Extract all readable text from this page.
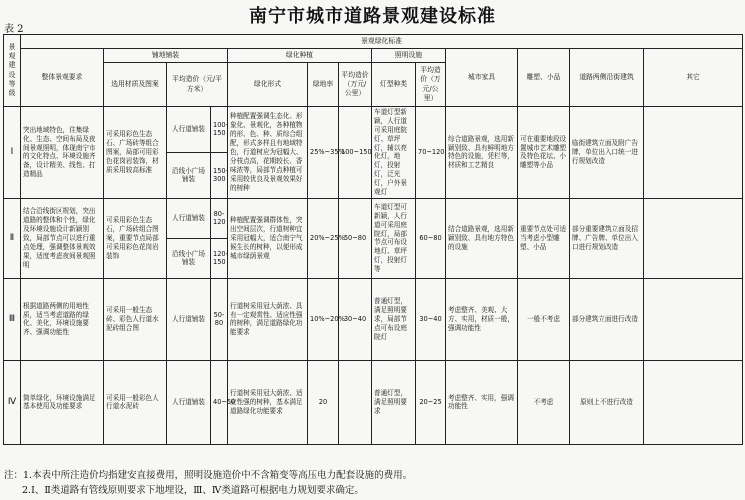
南宁市城市道路景观建设标准
表 2
景观建设等级	景观绿化标准												
	整体景观要求	铺地铺装			绿化种植			照明设施		城市家具	雕塑、小品	道路两侧沿街建筑	其它
		选用材质及图案	平均造价（元/平方米）		绿化形式	绿地率	平均造价（万元/公里）	灯型种类	平均造价（万元/公里）				
Ⅰ	突出地域特色，住集绿化、生态、空间布局及夜间景观照明，体现南宁市的文化特点、环境设施齐备，设计精美、线性、打造精品	可采用彩色生态石、广场砖等组合图案，局部可用彩色花岗岩装饰，材质采用较高标准	人行道铺装	100-150	种植配置强调生态化、形象化、景观化，各种植物的形、色、种、质综合组配，形式多样且有地域特色，行道树应为冠幅大、分枝点高，花期较长、香味浓等，局部节点种植可采用较优良及景观效果好的树种	25%~35%	100~150	车道灯型新颖，人行道可采用庭院灯、草坪灯，辅以亮化灯，地灯，投射灯，泛光灯，户外景观灯	70~120	综合道路景观，选用新颖别致、具有鲜明地方特色的设施，凭栏等，材质和工艺精良	可在重要地段设置城市艺术雕塑及特色花坛、小雕塑等小品	临街建筑立面及附广告牌，单位出入口统一进行规划改造	
			沿线小广场铺装	150-300									
Ⅱ	结合沿线街区规划，突出道路的整体和个性，绿化及环境设施设计新颖别致，局部节点可以进行重点处理，强调整体景观效果，适度考虑夜间景观照明	可采用彩色生态石，广场砖组合图案，重要节点局部可采用彩色花岗岩装饰	人行道铺装	80-120	种植配置强调群体性，突出空间层次，行道树种宜采用冠幅大，适合南宁气候生长的树种，以便形成城市绿荫景观	20%~25%	50~80	车道灯型可新颖，人行道可采用庭院灯，局部节点可布设地灯、草坪灯，投射灯等	60~80	结合道路景观，选用新颖别致、具有地方特色的设施	重要节点处可适当考虑小型雕塑、小品	部分重要建筑立面及招牌、广告牌、单位出入口进行规划改造	
			沿线小广场铺装	120-150									
Ⅲ	根据道路两侧的用地性质，适当考虑道路的绿化、美化，环境设施要齐、强调功能性	可采用一般生态砖、彩色人行道水泥砖组合图	人行道铺装	50-80	行道树采用冠大荫浓、具有一定观赏性、适应性强的树种，满足道路绿化功能要求	10%~20%	30~40	普通灯型，满足照明要求，局部节点可布设庭院灯	30~40	考虑整齐、美观、大方、实用，材质一般，强调功能性	一般不考虑	部分建筑立面进行改造	
Ⅳ	简单绿化，环境设施满足基本使用及功能要求	可采用一般彩色人行道水泥砖	人行道铺装	40~50	行道树采用冠大荫浓、适应性强的树种，基本满足道路绿化功能要求	20		普通灯型，满足照明要求	20~25	考虑整齐、实用，强调功能性	不考虑	原则上不进行改造	
注：1.本表中所注造价均指建安直接费用，照明设施造价中不含箱变等高压电力配套设施的费用。
2.Ⅰ、Ⅱ类道路有管线原则要求下地埋设，Ⅲ、Ⅳ类道路可根据电力规划要求确定。
